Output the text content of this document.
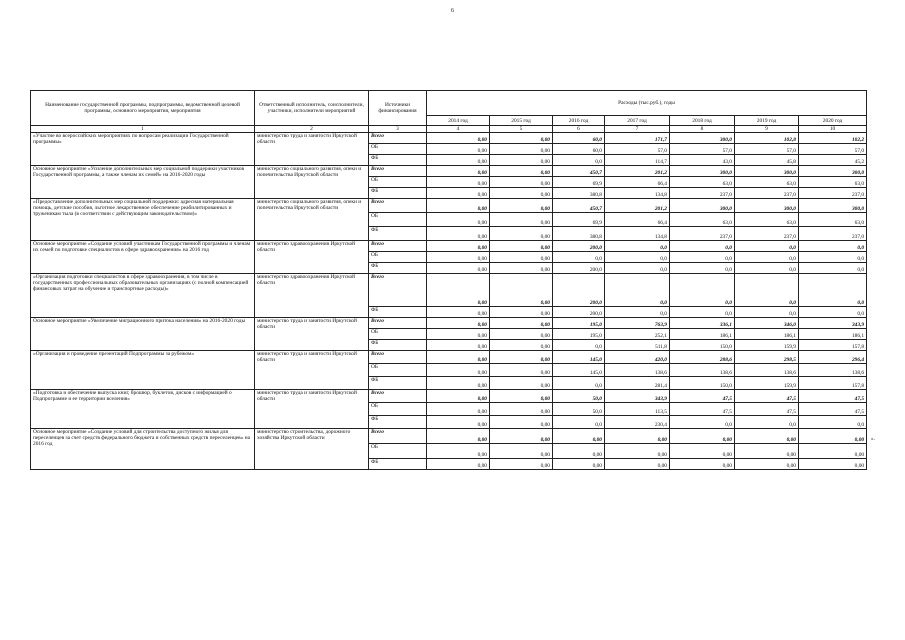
6
Наименование государственной программы, подпрограммы, ведомственной целевой программы, основного мероприятия, мероприятия	Ответственный исполнитель, соисполнители, участники, исполнители мероприятий	Источники финансирования	Расходы (тыс.руб.), годы						
			2014 год	2015 год	2016 год	2017 год	2018 год	2019 год	2020 год
1	2	3	4	5	6	7	8	9	10
«Участие во всероссийских мероприятиях по вопросам реализации Государственной программы»	министерство труда и занятости Иркутской области	Всего	0,00	0,00	60,0	171,7	300,0	102,8	102,2
		ОБ	0,00	0,00	60,0	57,0	57,0	57,0	57,0
		ФБ	0,00	0,00	0,0	114,7	43,0	45,8	45,2
Основное мероприятие «Усиление дополнительных мер социальной поддержки участников Государственной программы, а также членам их семей» на 2016-2020 годы	министерство социального развития, опеки и попечительства Иркутской области	Всего	0,00	0,00	450,7	201,2	300,0	300,0	300,0
		ОБ	0,00	0,00	69,9	66,4	63,0	63,0	63,0
		ФБ	0,00	0,00	380,8	134,8	237,0	237,0	237,0
«Предоставление дополнительных мер социальной поддержки: адресная материальная помощь, детские пособия, льготное лекарственное обеспечение реабилитированных и труженикам тыла (в соответствии с действующим законодательством)»	министерство социального развития, опеки и попечительства Иркутской области	Всего	0,00	0,00	450,7	201,2	300,0	300,0	300,0
		ОБ	0,00	0,00	69,9	66,4	63,0	63,0	63,0
		ФБ	0,00	0,00	380,8	134,8	237,0	237,0	237,0
Основное мероприятие «Создание условий участникам Государственной программы и членам их семей по подготовке специалистов в сфере здравоохранения» на 2016 год	министерство здравоохранения Иркутской области	Всего	0,00	0,00	200,0	0,0	0,0	0,0	0,0
		ОБ	0,00	0,00	0,0	0,0	0,0	0,0	0,0
		ФБ	0,00	0,00	200,0	0,0	0,0	0,0	0,0
«Организация подготовки специалистов в сфере здравоохранения, в том числе в государственных профессиональных образовательных организациях (с полной компенсацией финансовых затрат на обучение и транспортные расходы)»	министерство здравоохранения Иркутской области	Всего	0,00	0,00	200,0	0,0	0,0	0,0	0,0
		ФБ	0,00	0,00	200,0	0,0	0,0	0,0	0,0
Основное мероприятие «Увеличение миграционного притока населения» на 2016-2020 годы	министерство труда и занятости Иркутской области	Всего	0,00	0,00	195,0	763,9	336,1	346,0	343,9
		ОБ	0,00	0,00	195,0	252,1	186,1	186,1	186,1
		ФБ	0,00	0,00	0,0	511,8	150,0	159,9	157,8
«Организация и проведение презентаций Подпрограммы за рубежом»	министерство труда и занятости Иркутской области	Всего	0,00	0,00	145,0	420,0	288,6	298,5	296,4
		ОБ	0,00	0,00	145,0	138,6	138,6	138,6	138,6
		ФБ	0,00	0,00	0,0	281,4	150,0	159,9	157,8
«Подготовка и обеспечение выпуска книг, брошюр, буклетов, дисков с информацией о Подпрограмме и ее территории вселения»	министерство труда и занятости Иркутской области	Всего	0,00	0,00	50,0	343,9	47,5	47,5	47,5
		ОБ	0,00	0,00	50,0	113,5	47,5	47,5	47,5
		ФБ	0,00	0,00	0,0	230,4	0,0	0,0	0,0
Основное мероприятие «Создание условий для строительства доступного жилья для переселенцев за счет средств федерального бюджета и собственных средств переселенцев» на 2016 год	министерство строительства, дорожного хозяйства Иркутской области	Всего	0,00	0,00	0,00	0,00	0,00	0,00	0,00
		ОБ	0,00	0,00	0,00	0,00	0,00	0,00	0,00
		ФБ	0,00	0,00	0,00	0,00	0,00	0,00	0,00
».
